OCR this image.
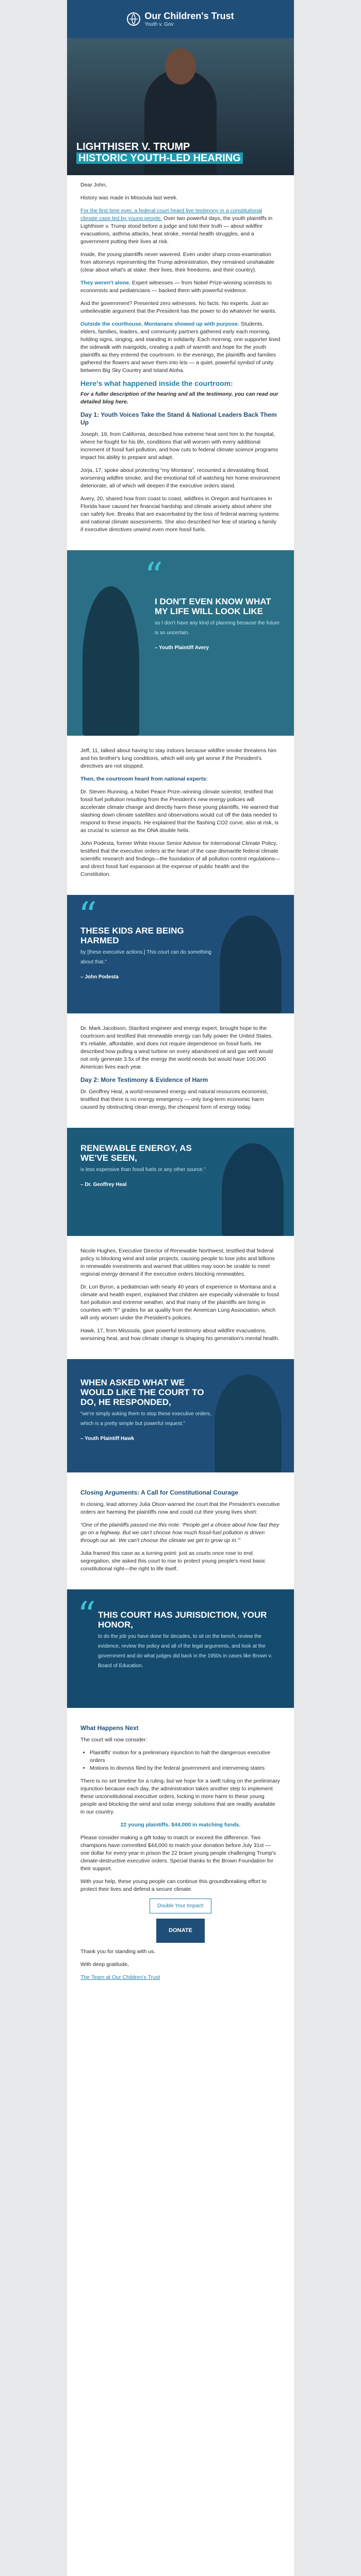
Our Children's Trust
Youth v. Gov
LIGHTHISER V. TRUMP
HISTORIC YOUTH-LED HEARING

Dear John,

History was made in Missoula last week.

For the first time ever, a federal court heard live testimony in a constitutional climate case led by young people. Over two powerful days, the youth plaintiffs in Lighthiser v. Trump stood before a judge and told their truth — about wildfire evacuations, asthma attacks, heat stroke, mental health struggles, and a government putting their lives at risk.

Inside, the young plaintiffs never wavered. Even under sharp cross-examination from attorneys representing the Trump administration, they remained unshakable (clear about what's at stake: their lives, their freedoms, and their country).

They weren't alone. Expert witnesses — from Nobel Prize-winning scientists to economists and pediatricians — backed them with powerful evidence.

And the government? Presented zero witnesses. No facts. No experts. Just an unbelievable argument that the President has the power to do whatever he wants.

Outside the courthouse, Montanans showed up with purpose. Students, elders, families, leaders, and community partners gathered early each morning, holding signs, singing, and standing in solidarity. Each morning, one supporter lined the sidewalk with marigolds, creating a path of warmth and hope for the youth plaintiffs as they entered the courtroom. In the evenings, the plaintiffs and families gathered the flowers and wove them into leis — a quiet, powerful symbol of unity between Big Sky Country and Island Aloha.

Here's what happened inside the courtroom:

For a fuller description of the hearing and all the testimony, you can read our detailed blog here.

Day 1: Youth Voices Take the Stand & National Leaders Back Them Up

Joseph, 19, from California, described how extreme heat sent him to the hospital, where he fought for his life, conditions that will worsen with every additional increment of fossil fuel pollution, and how cuts to federal climate science programs impact his ability to prepare and adapt.

Jorja, 17, spoke about protecting “my Montana”, recounted a devastating flood, worsening wildfire smoke, and the emotional toll of watching her home environment deteriorate, all of which will deepen if the executive orders stand.

Avery, 20, shared how from coast to coast, wildfires in Oregon and hurricanes in Florida have caused her financial hardship and climate anxiety about where she can safely live. Breaks that are exacerbated by the loss of federal warning systems and national climate assessments. She also described her fear of starting a family if executive directives unwind even more fossil fuels.

“
I DON'T EVEN KNOW WHAT MY LIFE WILL LOOK LIKE
so I don't have any kind of planning because the future is so uncertain.
– Youth Plaintiff Avery

Jeff, 11, talked about having to stay indoors because wildfire smoke threatens him and his brother's lung conditions, which will only get worse if the President's directives are not stopped.

Then, the courtroom heard from national experts:

Dr. Steven Running, a Nobel Peace Prize–winning climate scientist, testified that fossil fuel pollution resulting from the President's new energy policies will accelerate climate change and directly harm these young plaintiffs. He warned that slashing down climate satellites and observations would cut off the data needed to respond to these impacts. He explained that the flashing CO2 curve, also at risk, is as crucial to science as the DNA double helix.

John Podesta, former White House Senior Advisor for International Climate Policy, testified that the executive orders at the heart of the case dismantle federal climate scientific research and findings—the foundation of all pollution control regulations—and direct fossil fuel expansion at the expense of public health and the Constitution.

“
THESE KIDS ARE BEING HARMED
by [these executive actions.] This court can do something about that.”
– John Podesta

Dr. Mark Jacobson, Stanford engineer and energy expert, brought hope to the courtroom and testified that renewable energy can fully power the United States. It's reliable, affordable, and does not require dependence on fossil fuels. He described how pulling a wind turbine on every abandoned oil and gas well would not only generate 3.5x of the energy the world needs but would have 100,000 American lives each year.

Day 2: More Testimony & Evidence of Harm

Dr. Geoffrey Heal, a world-renowned energy and natural resources economist, testified that there is no energy emergency — only long-term economic harm caused by obstructing clean energy, the cheapest form of energy today.

RENEWABLE ENERGY, AS WE'VE SEEN,
is less expensive than fossil fuels or any other source.”
– Dr. Geoffrey Heal

Nicole Hughes, Executive Director of Renewable Northwest, testified that federal policy is blocking wind and solar projects, causing people to lose jobs and billions in renewable investments and warned that utilities may soon be unable to meet regional energy demand if the executive orders blocking renewables.

Dr. Lori Byron, a pediatrician with nearly 40 years of experience in Montana and a climate and health expert, explained that children are especially vulnerable to fossil fuel pollution and extreme weather, and that many of the plaintiffs are living in counties with “F” grades for air quality from the American Lung Association, which will only worsen under the President's policies.

Hawk, 17, from Missoula, gave powerful testimony about wildfire evacuations, worsening heat, and how climate change is shaping his generation's mental health.

WHEN ASKED WHAT WE WOULD LIKE THE COURT TO DO, HE RESPONDED,
“we're simply asking them to stop these executive orders, which is a pretty simple but powerful request.”
– Youth Plaintiff Hawk
Closing Arguments: A Call for Constitutional Courage

In closing, lead attorney Julia Olson warned the court that the President's executive orders are harming the plaintiffs now and could cut their young lives short:

“One of the plaintiffs passed me this note: ‘People get a choice about how fast they go on a highway. But we can't choose how much fossil-fuel pollution is driven through our air. We can't choose the climate we get to grow up in.’”

Julia framed this case as a turning point: just as courts once rose to end segregation, she asked this court to rise to protect young people's most basic constitutional right—the right to life itself.

“ THIS COURT HAS JURISDICTION, YOUR HONOR,
to do the job you have done for decades, to sit on the bench, review the evidence, review the policy and all of the legal arguments, and look at the government and do what judges did back in the 1950s in cases like Brown v. Board of Education.
What Happens Next

The court will now consider:

• Plaintiffs' motion for a preliminary injunction to halt the dangerous executive orders
• Motions to dismiss filed by the federal government and intervening states

There is no set timeline for a ruling, but we hope for a swift ruling on the preliminary injunction because each day, the administration takes another step to implement these unconstitutional executive orders, locking in more harm to these young people and blocking the wind and solar energy solutions that are readily available in our country.

22 young plaintiffs. $44,000 in matching funds.

Please consider making a gift today to match or exceed the difference. Two champions have committed $44,000 to match your donation before July 31st — one dollar for every year in prison the 22 brave young people challenging Trump's climate-destructive executive orders. Special thanks to the Brown Foundation for their support.

With your help, these young people can continue this groundbreaking effort to protect their lives and defend a secure climate.

Double Your Impact!

DONATE

Thank you for standing with us.

With deep gratitude,

The Team at Our Children's Trust
